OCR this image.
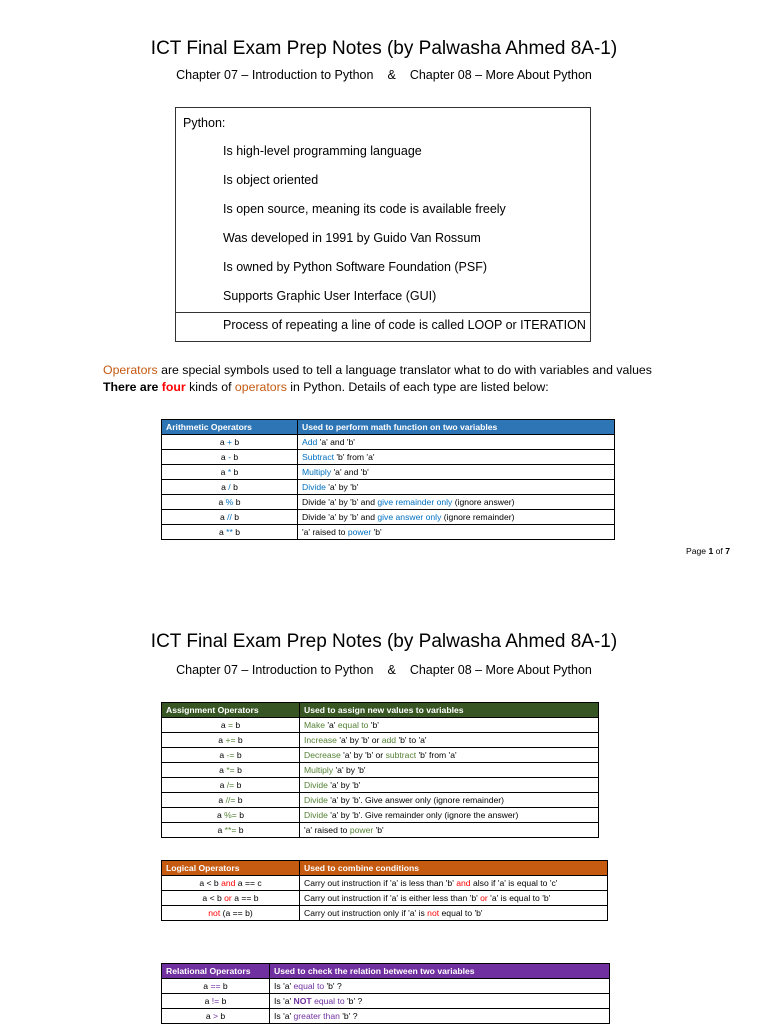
ICT Final Exam Prep Notes (by Palwasha Ahmed 8A-1)
Chapter 07 – Introduction to Python & Chapter 08 – More About Python
Python:
Is high-level programming language
Is object oriented
Is open source, meaning its code is available freely
Was developed in 1991 by Guido Van Rossum
Is owned by Python Software Foundation (PSF)
Supports Graphic User Interface (GUI)
Process of repeating a line of code is called LOOP or ITERATION
Operators are special symbols used to tell a language translator what to do with variables and values
There are four kinds of operators in Python. Details of each type are listed below:
Arithmetic Operators	Used to perform math function on two variables
a + b	Add 'a' and 'b'
a - b	Subtract 'b' from 'a'
a * b	Multiply 'a' and 'b'
a / b	Divide 'a' by 'b'
a % b	Divide 'a' by 'b' and give remainder only (ignore answer)
a // b	Divide 'a' by 'b' and give answer only (ignore remainder)
a ** b	'a' raised to power 'b'
Page 1 of 7
ICT Final Exam Prep Notes (by Palwasha Ahmed 8A-1)
Chapter 07 – Introduction to Python & Chapter 08 – More About Python
Assignment Operators	Used to assign new values to variables
a = b	Make 'a' equal to 'b'
a += b	Increase 'a' by 'b' or add 'b' to 'a'
a -= b	Decrease 'a' by 'b' or subtract 'b' from 'a'
a *= b	Multiply 'a' by 'b'
a /= b	Divide 'a' by 'b'
a //= b	Divide 'a' by 'b'. Give answer only (ignore remainder)
a %= b	Divide 'a' by 'b'. Give remainder only (ignore the answer)
a **= b	'a' raised to power 'b'
Logical Operators	Used to combine conditions
a < b and a == c	Carry out instruction if 'a' is less than 'b' and also if 'a' is equal to 'c'
a < b or a == b	Carry out instruction if 'a' is either less than 'b' or 'a' is equal to 'b'
not (a == b)	Carry out instruction only if 'a' is not equal to 'b'
Relational Operators	Used to check the relation between two variables
a == b	Is 'a' equal to 'b' ?
a != b	Is 'a' NOT equal to 'b' ?
a > b	Is 'a' greater than 'b' ?
